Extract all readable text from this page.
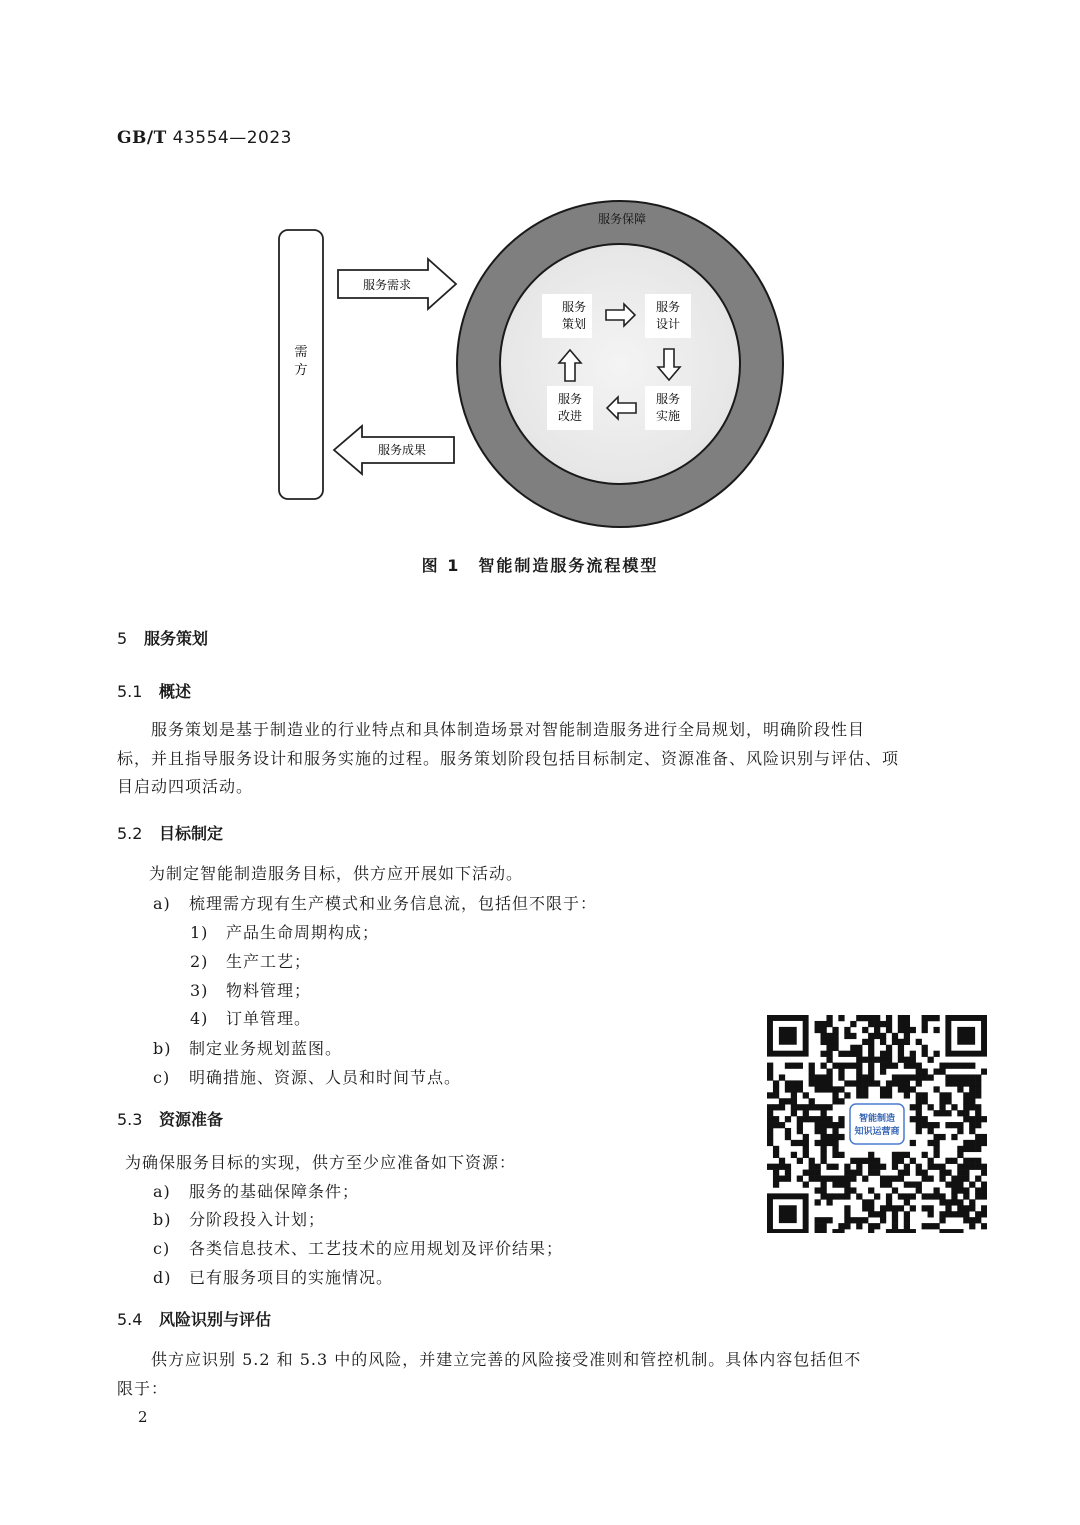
GB/T 43554—2023
需
方
服务需求
服务成果
服务保障
服务
策划
服务
设计
服务
实施
服务
改进
图 1　智能制造服务流程模型
5 服务策划
5.1 概述
　　服务策划是基于制造业的行业特点和具体制造场景对智能制造服务进行全局规划，明确阶段性目
标，并且指导服务设计和服务实施的过程。服务策划阶段包括目标制定、资源准备、风险识别与评估、项
目启动四项活动。
5.2 目标制定
为制定智能制造服务目标，供方应开展如下活动。
a) 梳理需方现有生产模式和业务信息流，包括但不限于：
1) 产品生命周期构成；
2) 生产工艺；
3) 物料管理；
4) 订单管理。
b) 制定业务规划蓝图。
c) 明确措施、资源、人员和时间节点。
5.3 资源准备
为确保服务目标的实现，供方至少应准备如下资源：
a) 服务的基础保障条件；
b) 分阶段投入计划；
c) 各类信息技术、工艺技术的应用规划及评价结果；
d) 已有服务项目的实施情况。
5.4 风险识别与评估
　　供方应识别 5.2 和 5.3 中的风险，并建立完善的风险接受准则和管控机制。具体内容包括但不
限于：
智能制造
知识运营商
2
